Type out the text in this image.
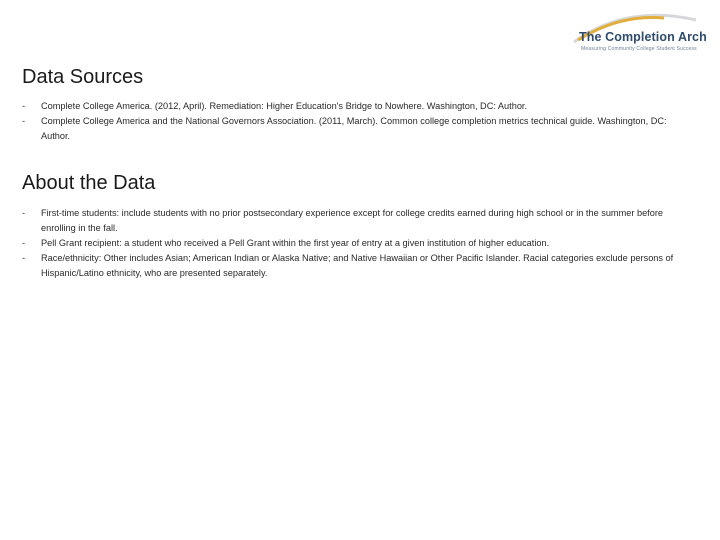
The Completion Arch
Measuring Community College Student Success
Data Sources
- Complete College America. (2012, April). Remediation: Higher Education's Bridge to Nowhere. Washington, DC: Author.
- Complete College America and the National Governors Association. (2011, March). Common college completion metrics technical guide. Washington, DC: Author.
About the Data
- First-time students: include students with no prior postsecondary experience except for college credits earned during high school or in the summer before enrolling in the fall.
- Pell Grant recipient: a student who received a Pell Grant within the first year of entry at a given institution of higher education.
- Race/ethnicity: Other includes Asian; American Indian or Alaska Native; and Native Hawaiian or Other Pacific Islander. Racial categories exclude persons of Hispanic/Latino ethnicity, who are presented separately.
